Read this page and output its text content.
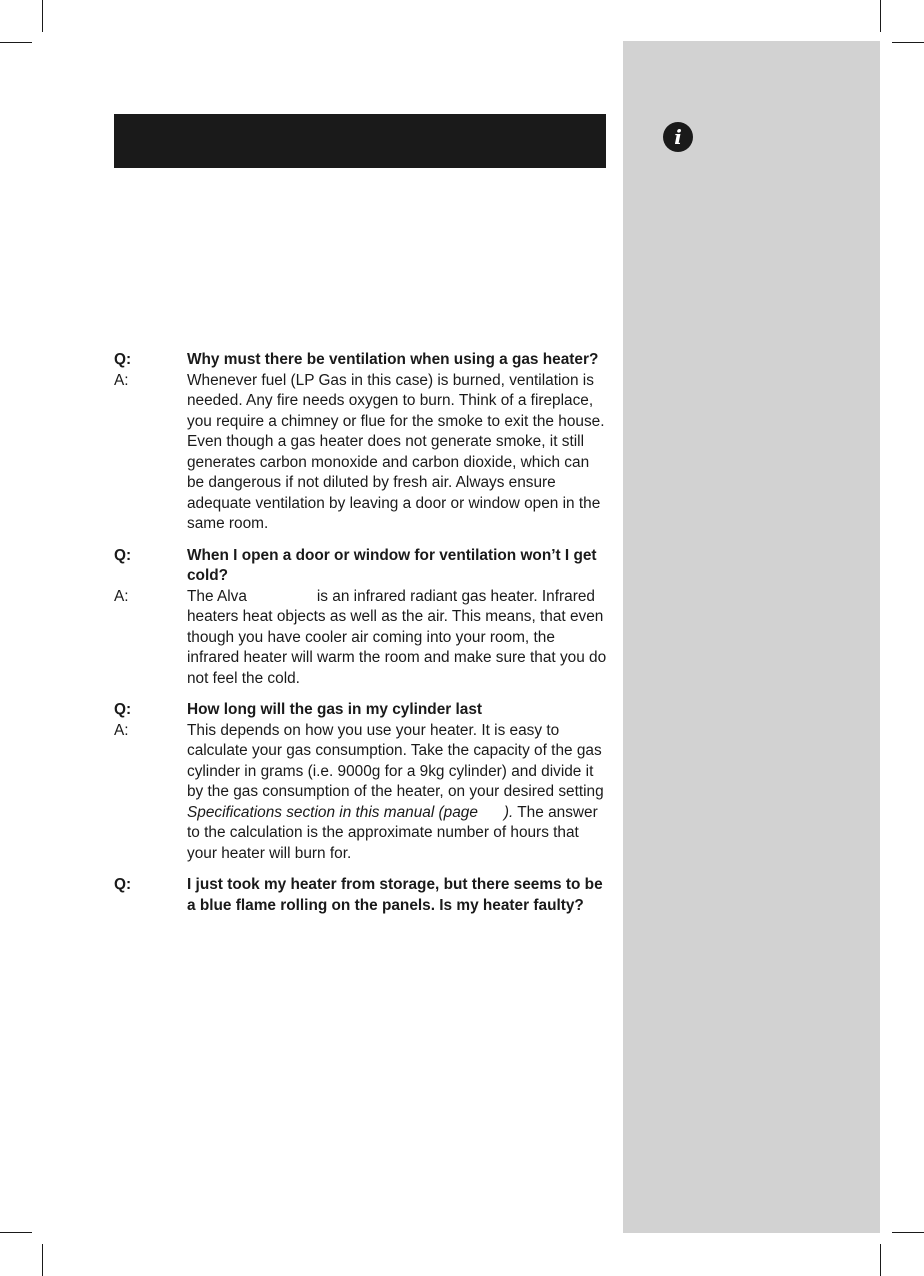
i
Q:	Why must there be ventilation when using a gas heater?
A:	Whenever fuel (LP Gas in this case) is burned, ventilation is needed. Any fire needs oxygen to burn. Think of a fireplace, you require a chimney or flue for the smoke to exit the house. Even though a gas heater does not generate smoke, it still generates carbon monoxide and carbon dioxide, which can be dangerous if not diluted by fresh air. Always ensure adequate ventilation by leaving a door or window open in the same room.
Q:	When I open a door or window for ventilation won’t I get cold?
A:	The Alva	is an infrared radiant gas heater. Infrared heaters heat objects as well as the air. This means, that even though you have cooler air coming into your room, the infrared heater will warm the room and make sure that you do not feel the cold.
Q:	How long will the gas in my cylinder last
A:	This depends on how you use your heater. It is easy to calculate your gas consumption. Take the capacity of the gas cylinder in grams (i.e. 9000g for a 9kg cylinder) and divide it by the gas consumption of the heater, on your desired setting
Specifications section in this manual (page ). The answer to the calculation is the approximate number of hours that your heater will burn for.
Q:	I just took my heater from storage, but there seems to be a blue flame rolling on the panels. Is my heater faulty?
